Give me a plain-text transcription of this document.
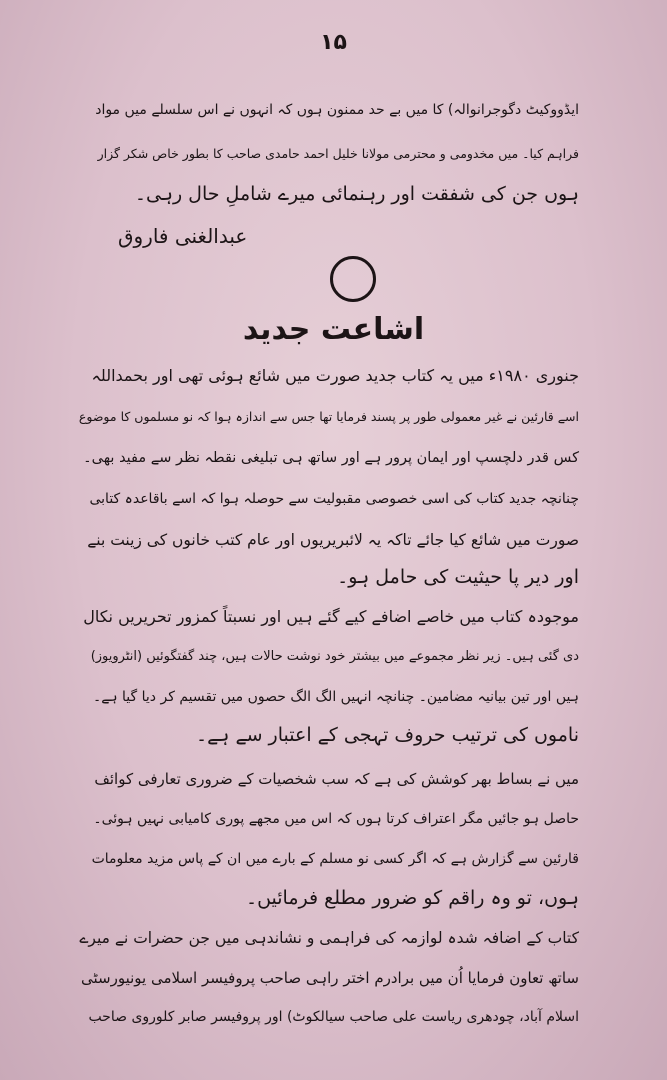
۱۵
ایڈووکیٹ دگوجرانوالہ) کا میں بے حد ممنون ہوں کہ انہوں نے اس سلسلے میں مواد
فراہم کیا۔ میں مخدومی و محترمی مولانا خلیل احمد حامدی صاحب کا بطور خاص شکر گزار
ہوں جن کی شفقت اور رہنمائی میرے شاملِ حال رہی۔
عبدالغنی فاروق
اشاعت جدید
جنوری ۱۹۸۰ء میں یہ کتاب جدید صورت میں شائع ہوئی تھی اور بحمداللہ
اسے قارئین نے غیر معمولی طور پر پسند فرمایا تھا جس سے اندازہ ہوا کہ نو مسلموں کا موضوع
کس قدر دلچسپ اور ایمان پرور ہے اور ساتھ ہی تبلیغی نقطہ نظر سے مفید بھی۔
چنانچہ جدید کتاب کی اسی خصوصی مقبولیت سے حوصلہ ہوا کہ اسے باقاعدہ کتابی
صورت میں شائع کیا جائے تاکہ یہ لائبریریوں اور عام کتب خانوں کی زینت بنے
اور دیر پا حیثیت کی حامل ہو۔
موجودہ کتاب میں خاصے اضافے کیے گئے ہیں اور نسبتاً کمزور تحریریں نکال
دی گئی ہیں۔ زیر نظر مجموعے میں بیشتر خود نوشت حالات ہیں، چند گفتگوئیں (انٹرویوز)
ہیں اور تین بیانیہ مضامین۔ چنانچہ انہیں الگ الگ حصوں میں تقسیم کر دیا گیا ہے۔
ناموں کی ترتیب حروف تہجی کے اعتبار سے ہے۔
میں نے بساط بھر کوشش کی ہے کہ سب شخصیات کے ضروری تعارفی کوائف
حاصل ہو جائیں مگر اعتراف کرتا ہوں کہ اس میں مجھے پوری کامیابی نہیں ہوئی۔
قارئین سے گزارش ہے کہ اگر کسی نو مسلم کے بارے میں ان کے پاس مزید معلومات
ہوں، تو وہ راقم کو ضرور مطلع فرمائیں۔
کتاب کے اضافہ شدہ لوازمہ کی فراہمی و نشاندہی میں جن حضرات نے میرے
ساتھ تعاون فرمایا اُن میں برادرم اختر راہی صاحب پروفیسر اسلامی یونیورسٹی
اسلام آباد، چودھری ریاست علی صاحب سیالکوٹ) اور پروفیسر صابر کلوروی صاحب
